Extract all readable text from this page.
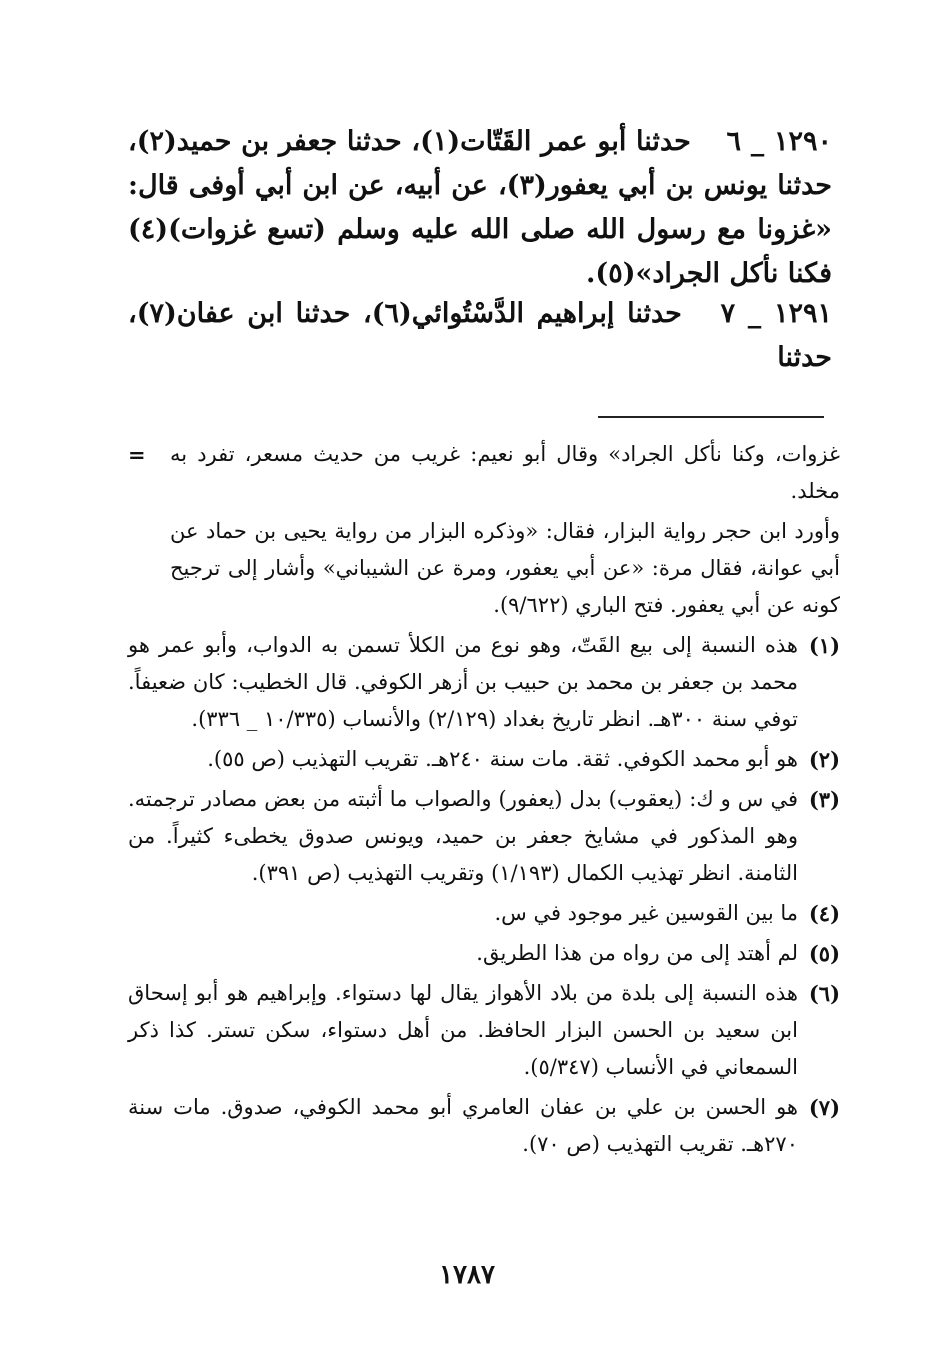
١٢٩٠ _ ٦ حدثنا أبو عمر القَتّات(١)، حدثنا جعفر بن حميد(٢)، حدثنا يونس بن أبي يعفور(٣)، عن أبيه، عن ابن أبي أوفى قال: «غزونا مع رسول الله صلى الله عليه وسلم (تسع غزوات)(٤) فكنا نأكل الجراد»(٥).
١٢٩١ _ ٧ حدثنا إبراهيم الدَّسْتُوائي(٦)، حدثنا ابن عفان(٧)، حدثنا
غزوات، وكنا نأكل الجراد» وقال أبو نعيم: غريب من حديث مسعر، تفرد به مخلد.
=
وأورد ابن حجر رواية البزار، فقال: «وذكره البزار من رواية يحيى بن حماد عن أبي عوانة، فقال مرة: «عن أبي يعفور، ومرة عن الشيباني» وأشار إلى ترجيح كونه عن أبي يعفور. فتح الباري (٩/٦٢٢).
(١)
هذه النسبة إلى بيع القَتّ، وهو نوع من الكلأ تسمن به الدواب، وأبو عمر هو محمد بن جعفر بن محمد بن حبيب بن أزهر الكوفي. قال الخطيب: كان ضعيفاً. توفي سنة ٣٠٠هـ. انظر تاريخ بغداد (٢/١٢٩) والأنساب (١٠/٣٣٥ _ ٣٣٦).
(٢)
هو أبو محمد الكوفي. ثقة. مات سنة ٢٤٠هـ. تقريب التهذيب (ص ٥٥).
(٣)
في س و ك: (يعقوب) بدل (يعفور) والصواب ما أثبته من بعض مصادر ترجمته. وهو المذكور في مشايخ جعفر بن حميد، ويونس صدوق يخطىء كثيراً. من الثامنة. انظر تهذيب الكمال (١/١٩٣) وتقريب التهذيب (ص ٣٩١).
(٤)
ما بين القوسين غير موجود في س.
(٥)
لم أهتد إلى من رواه من هذا الطريق.
(٦)
هذه النسبة إلى بلدة من بلاد الأهواز يقال لها دستواء. وإبراهيم هو أبو إسحاق ابن سعيد بن الحسن البزار الحافظ. من أهل دستواء، سكن تستر. كذا ذكر السمعاني في الأنساب (٥/٣٤٧).
(٧)
هو الحسن بن علي بن عفان العامري أبو محمد الكوفي، صدوق. مات سنة ٢٧٠هـ. تقريب التهذيب (ص ٧٠).
١٧٨٧
